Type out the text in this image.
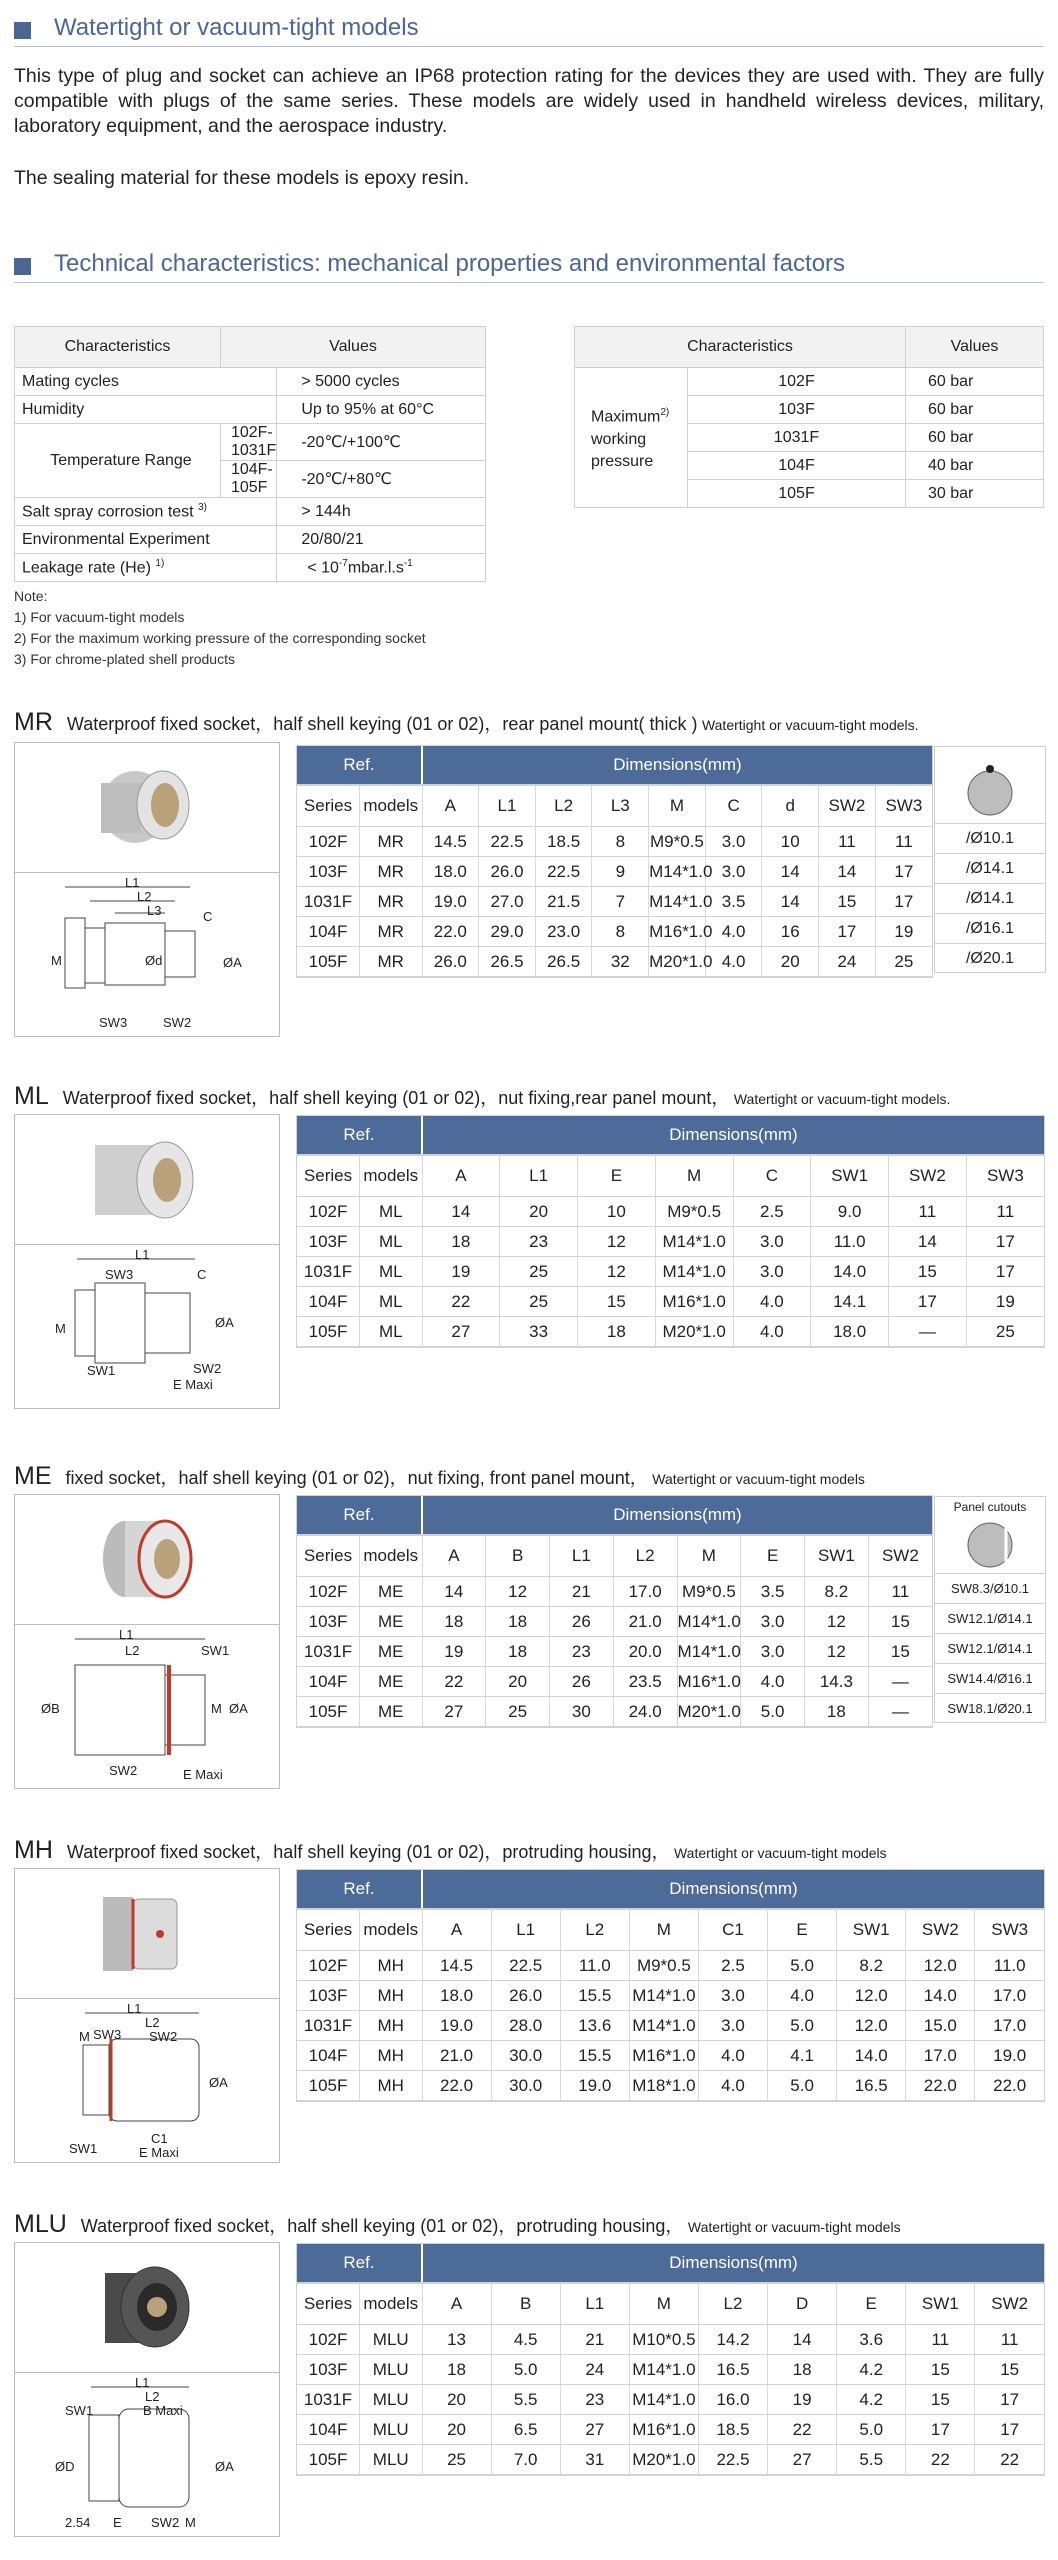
Watertight or vacuum-tight models
This type of plug and socket can achieve an IP68 protection rating for the devices they are used with. They are fully compatible with plugs of the same series. These models are widely used in handheld wireless devices, military, laboratory equipment, and the aerospace industry.
The sealing material for these models is epoxy resin.
Technical characteristics: mechanical properties and environmental factors
Characteristics	Values	
Mating cycles		> 5000 cycles
Humidity		Up to 95% at 60°C
Temperature Range	102F-1031F	-20℃/+100℃
	104F-105F	-20℃/+80℃
Salt spray corrosion test $^{3)}$		> 144h
Environmental Experiment		20/80/21
Leakage rate (He) $^{1)}$		< $10^{-7}mbar.l.s^{-1}$
Characteristics		Values
Maximum$^{2)}$
working
pressure	102F	60 bar
	103F	60 bar
	1031F	60 bar
	104F	40 bar
	105F	30 bar
Note:
1) For vacuum-tight models
2) For the maximum working pressure of the corresponding socket
3) For chrome-plated shell products
MR Waterproof fixed socket，half shell keying (01 or 02)，rear panel mount( thick ) Watertight or vacuum-tight models.
L1
L2
L3	C
M	Ød	ØA
SW3	SW2
Ref.		Dimensions(mm)								
Series	models	A	L1	L2	L3	M	C	d	SW2	SW3
102F	MR	14.5	22.5	18.5	8	M9*0.5	3.0	10	11	11
103F	MR	18.0	26.0	22.5	9	M14*1.0	3.0	14	14	17
1031F	MR	19.0	27.0	21.5	7	M14*1.0	3.5	14	15	17
104F	MR	22.0	29.0	23.0	8	M16*1.0	4.0	16	17	19
105F	MR	26.0	26.5	26.5	32	M20*1.0	4.0	20	24	25
/Ø10.1
/Ø14.1
/Ø14.1
/Ø16.1
/Ø20.1
ML Waterproof fixed socket，half shell keying (01 or 02)，nut fixing,rear panel mount， Watertight or vacuum-tight models.
L1
SW3	C
M	ØA
SW1	SW2
E Maxi
Ref.		Dimensions(mm)							
Series	models	A	L1	E	M	C	SW1	SW2	SW3
102F	ML	14	20	10	M9*0.5	2.5	9.0	11	11
103F	ML	18	23	12	M14*1.0	3.0	11.0	14	17
1031F	ML	19	25	12	M14*1.0	3.0	14.0	15	17
104F	ML	22	25	15	M16*1.0	4.0	14.1	17	19
105F	ML	27	33	18	M20*1.0	4.0	18.0	—	25
ME fixed socket，half shell keying (01 or 02)，nut fixing, front panel mount， Watertight or vacuum-tight models
L1
L2	SW1
ØB	M ØA
SW2	E Maxi
Ref.		Dimensions(mm)							
Series	models	A	B	L1	L2	M	E	SW1	SW2
102F	ME	14	12	21	17.0	M9*0.5	3.5	8.2	11
103F	ME	18	18	26	21.0	M14*1.0	3.0	12	15
1031F	ME	19	18	23	20.0	M14*1.0	3.0	12	15
104F	ME	22	20	26	23.5	M16*1.0	4.0	14.3	—
105F	ME	27	25	30	24.0	M20*1.0	5.0	18	—
Panel cutouts
SW8.3/Ø10.1
SW12.1/Ø14.1
SW12.1/Ø14.1
SW14.4/Ø16.1
SW18.1/Ø20.1
MH Waterproof fixed socket，half shell keying (01 or 02)，protruding housing， Watertight or vacuum-tight models
L1
L2
SW3 SW2
M
ØA
SW1
C1
E Maxi
Ref.		Dimensions(mm)								
Series	models	A	L1	L2	M	C1	E	SW1	SW2	SW3
102F	MH	14.5	22.5	11.0	M9*0.5	2.5	5.0	8.2	12.0	11.0
103F	MH	18.0	26.0	15.5	M14*1.0	3.0	4.0	12.0	14.0	17.0
1031F	MH	19.0	28.0	13.6	M14*1.0	3.0	5.0	12.0	15.0	17.0
104F	MH	21.0	30.0	15.5	M16*1.0	4.0	4.1	14.0	17.0	19.0
105F	MH	22.0	30.0	19.0	M18*1.0	4.0	5.0	16.5	22.0	22.0
MLU Waterproof fixed socket，half shell keying (01 or 02)，protruding housing， Watertight or vacuum-tight models
L1
L2
SW1	B Maxi
ØD	ØA
2.54 E SW2 M
Ref.		Dimensions(mm)								
Series	models	A	B	L1	M	L2	D	E	SW1	SW2
102F	MLU	13	4.5	21	M10*0.5	14.2	14	3.6	11	11
103F	MLU	18	5.0	24	M14*1.0	16.5	18	4.2	15	15
1031F	MLU	20	5.5	23	M14*1.0	16.0	19	4.2	15	17
104F	MLU	20	6.5	27	M16*1.0	18.5	22	5.0	17	17
105F	MLU	25	7.0	31	M20*1.0	22.5	27	5.5	22	22
